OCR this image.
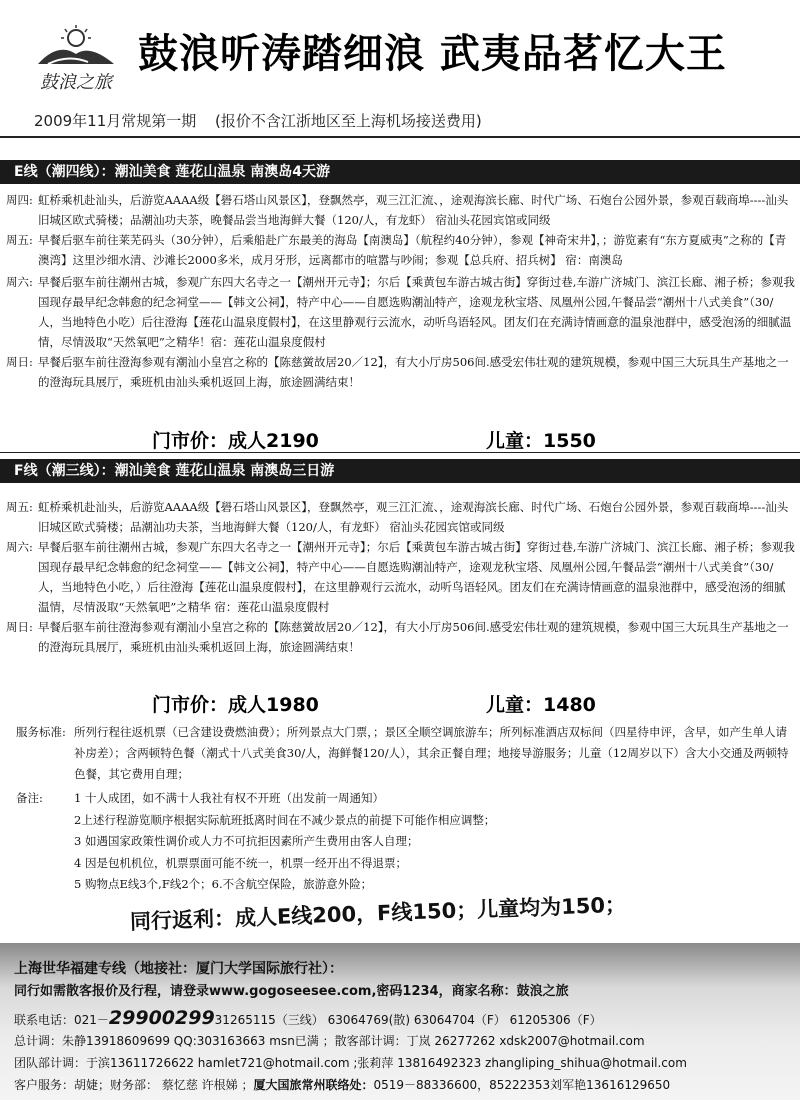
鼓浪之旅
鼓浪听涛踏细浪 武夷品茗忆大王
2009年11月常规第一期 (报价不含江浙地区至上海机场接送费用)
E线（潮四线）：潮汕美食 莲花山温泉 南澳岛4天游
周四: 虹桥乘机赴汕头，后游览AAAA级【礐石塔山风景区】，登飘然亭，观三江汇流、，途观海滨长廊、时代广场、石炮台公园外景，参观百载商埠----汕头旧城区欧式骑楼；品潮汕功夫茶，晚餐品尝当地海鲜大餐（120/人，有龙虾） 宿汕头花园宾馆或同级
周五: 早餐后驱车前往莱芜码头（30分钟），后乘船赴广东最美的海岛【南澳岛】（航程约40分钟），参观【神奇宋井】，；游览素有“东方夏威夷”之称的【青澳湾】这里沙细水清、沙滩长2000多米，成月牙形，远离都市的喧嚣与吵闹；参观【总兵府、招兵树】 宿：南澳岛
周六: 早餐后驱车前往潮州古城，参观广东四大名寺之一【潮州开元寺】；尔后【乘黄包车游古城古街】穿街过巷,车游广济城门、滨江长廊、湘子桥；参观我国现存最早纪念韩愈的纪念祠堂——【韩文公祠】，特产中心——自愿选购潮汕特产，途观龙秋宝塔、凤凰州公园,午餐品尝“潮州十八式美食”（30/人，当地特色小吃）后往澄海【莲花山温泉度假村】，在这里静观行云流水，动听鸟语轻风。团友们在充满诗情画意的温泉池群中，感受泡汤的细腻温情，尽情汲取“天然氧吧”之精华！宿：莲花山温泉度假村
周日: 早餐后驱车前往澄海参观有潮汕小皇宫之称的【陈慈黉故居20／12】，有大小厅房506间.感受宏伟壮观的建筑规模，参观中国三大玩具生产基地之一的澄海玩具展厅，乘班机由汕头乘机返回上海，旅途圆满结束！
门市价：成人2190	儿童：1550
F线（潮三线）：潮汕美食 莲花山温泉 南澳岛三日游
周五: 虹桥乘机赴汕头，后游览AAAA级【礐石塔山风景区】，登飘然亭，观三江汇流、，途观海滨长廊、时代广场、石炮台公园外景，参观百载商埠----汕头旧城区欧式骑楼；品潮汕功夫茶，当地海鲜大餐（120/人，有龙虾） 宿汕头花园宾馆或同级
周六: 早餐后驱车前往潮州古城，参观广东四大名寺之一【潮州开元寺】；尔后【乘黄包车游古城古街】穿街过巷,车游广济城门、滨江长廊、湘子桥；参观我国现存最早纪念韩愈的纪念祠堂——【韩文公祠】，特产中心——自愿选购潮汕特产，途观龙秋宝塔、凤凰州公园,午餐品尝“潮州十八式美食”（30/人，当地特色小吃，）后往澄海【莲花山温泉度假村】，在这里静观行云流水，动听鸟语轻风。团友们在充满诗情画意的温泉池群中，感受泡汤的细腻温情，尽情汲取“天然氧吧”之精华 宿：莲花山温泉度假村
周日: 早餐后驱车前往澄海参观有潮汕小皇宫之称的【陈慈黉故居20／12】，有大小厅房506间.感受宏伟壮观的建筑规模，参观中国三大玩具生产基地之一的澄海玩具展厅，乘班机由汕头乘机返回上海，旅途圆满结束！
门市价：成人1980	儿童：1480
服务标准: 所列行程往返机票（已含建设费燃油费）；所列景点大门票，；景区全顺空调旅游车；所列标准酒店双标间（四星待申评，含早，如产生单人请补房差）；含两顿特色餐（潮式十八式美食30/人，海鲜餐120/人），其余正餐自理；地接导游服务；儿童（12周岁以下）含大小交通及两顿特色餐，其它费用自理；
备注:	1 十人成团，如不满十人我社有权不开班（出发前一周通知）
2上述行程游览顺序根据实际航班抵离时间在不减少景点的前提下可能作相应调整；
3 如遇国家政策性调价或人力不可抗拒因素所产生费用由客人自理；
4 因是包机机位，机票票面可能不统一，机票一经开出不得退票；
5 购物点E线3个,F线2个；6.不含航空保险，旅游意外险；
同行返利：成人E线200，F线150；儿童均为150；
上海世华福建专线（地接社：厦门大学国际旅行社）：
同行如需散客报价及行程，请登录www.gogoseesee.com,密码1234，商家名称：鼓浪之旅
联系电话：021－2990029931265115（三线） 63064769(散) 63064704（F） 61205306（F）
总计调：朱静13918609699 QQ:303163663 msn已满 ；散客部计调：丁岚 26277262 xdsk2007@hotmail.com
团队部计调：于滨13611726622 hamlet721@hotmail.com ;张莉萍 13816492323 zhangliping_shihua@hotmail.com
客户服务：胡婕；财务部： 蔡忆慈 许根娣 ；厦大国旅常州联络处：0519－88336600，85222353刘军艳13616129650
